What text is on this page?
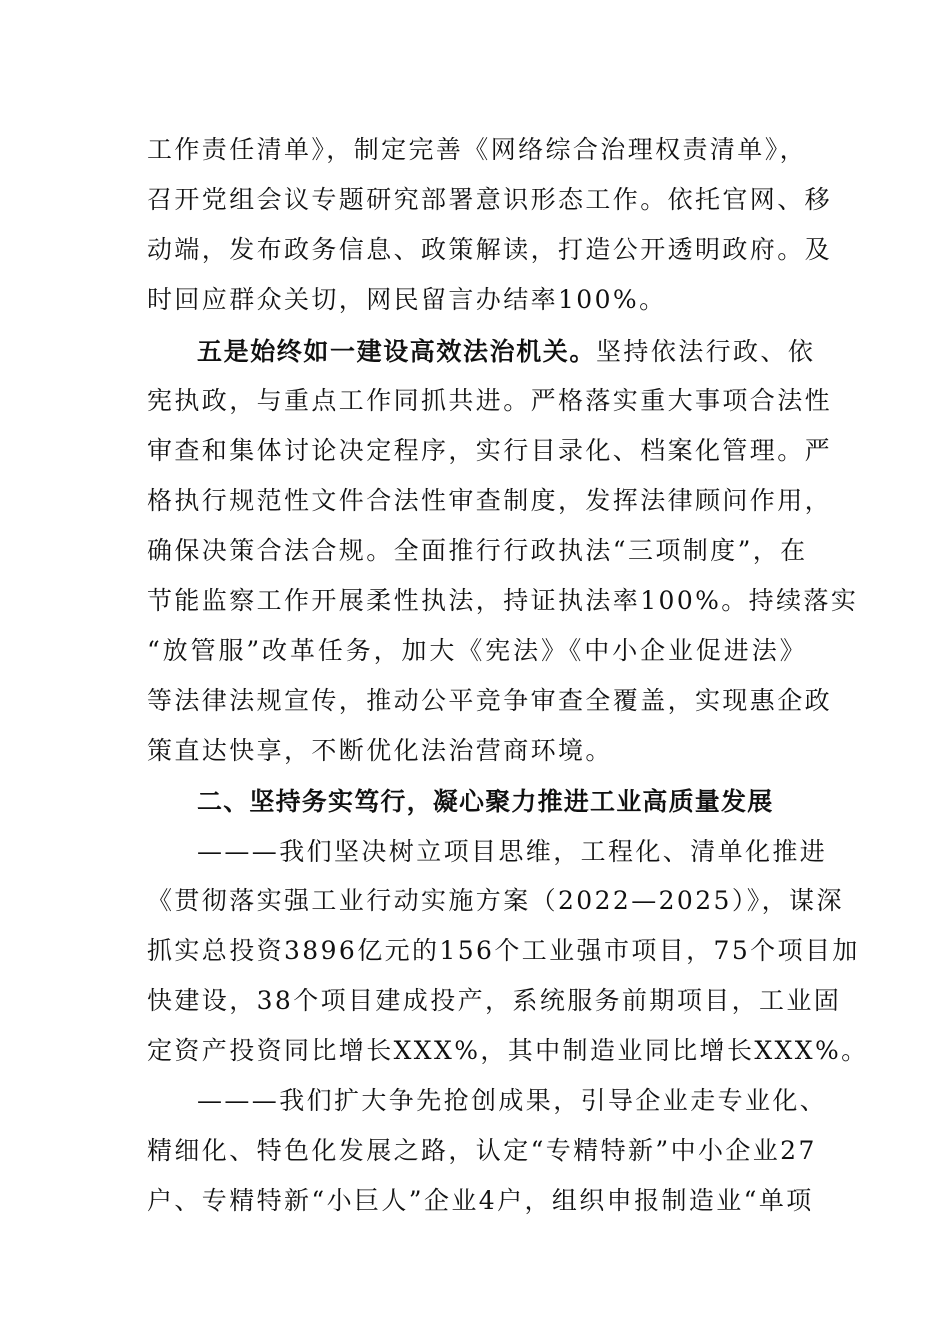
工作责任清单》，制定完善《网络综合治理权责清单》，
召开党组会议专题研究部署意识形态工作。依托官网、移
动端，发布政务信息、政策解读，打造公开透明政府。及
时回应群众关切，网民留言办结率100%。
五是始终如一建设高效法治机关。坚持依法行政、依
宪执政，与重点工作同抓共进。严格落实重大事项合法性
审查和集体讨论决定程序，实行目录化、档案化管理。严
格执行规范性文件合法性审查制度，发挥法律顾问作用，
确保决策合法合规。全面推行行政执法“三项制度”，在
节能监察工作开展柔性执法，持证执法率100%。持续落实
“放管服”改革任务，加大《宪法》《中小企业促进法》
等法律法规宣传，推动公平竞争审查全覆盖，实现惠企政
策直达快享，不断优化法治营商环境。
二、坚持务实笃行，凝心聚力推进工业高质量发展
———我们坚决树立项目思维，工程化、清单化推进
《贯彻落实强工业行动实施方案（2022—2025）》，谋深
抓实总投资3896亿元的156个工业强市项目，75个项目加
快建设，38个项目建成投产，系统服务前期项目，工业固
定资产投资同比增长XXX%，其中制造业同比增长XXX%。
———我们扩大争先抢创成果，引导企业走专业化、
精细化、特色化发展之路，认定“专精特新”中小企业27
户、专精特新“小巨人”企业4户，组织申报制造业“单项
